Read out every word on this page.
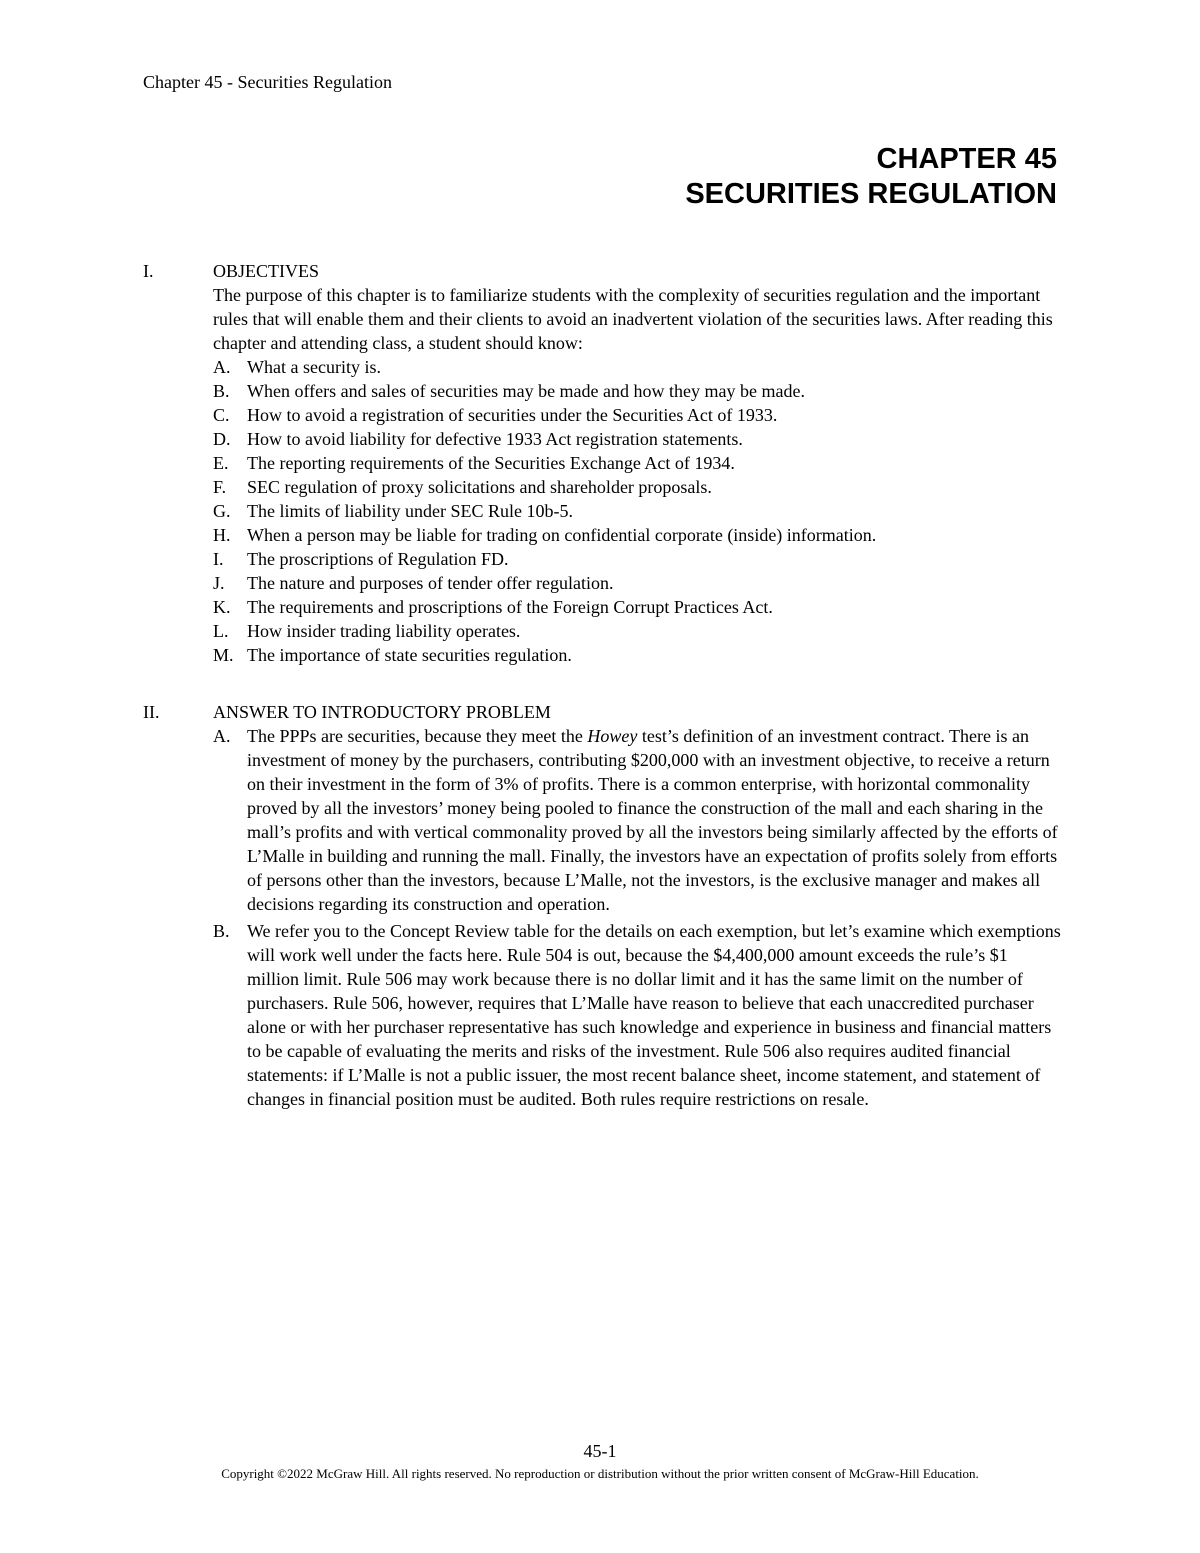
Chapter 45 - Securities Regulation
CHAPTER 45
SECURITIES REGULATION
I.	OBJECTIVES

The purpose of this chapter is to familiarize students with the complexity of securities regulation and the important rules that will enable them and their clients to avoid an inadvertent violation of the securities laws. After reading this chapter and attending class, a student should know:

A. What a security is.
B. When offers and sales of securities may be made and how they may be made.
C. How to avoid a registration of securities under the Securities Act of 1933.
D. How to avoid liability for defective 1933 Act registration statements.
E. The reporting requirements of the Securities Exchange Act of 1934.
F. SEC regulation of proxy solicitations and shareholder proposals.
G. The limits of liability under SEC Rule 10b-5.
H. When a person may be liable for trading on confidential corporate (inside) information.
I. The proscriptions of Regulation FD.
J. The nature and purposes of tender offer regulation.
K. The requirements and proscriptions of the Foreign Corrupt Practices Act.
L. How insider trading liability operates.
M. The importance of state securities regulation.
II.	ANSWER TO INTRODUCTORY PROBLEM
A. The PPPs are securities, because they meet the Howey test’s definition of an investment contract. There is an investment of money by the purchasers, contributing $200,000 with an investment objective, to receive a return on their investment in the form of 3% of profits. There is a common enterprise, with horizontal commonality proved by all the investors’ money being pooled to finance the construction of the mall and each sharing in the mall’s profits and with vertical commonality proved by all the investors being similarly affected by the efforts of L’Malle in building and running the mall. Finally, the investors have an expectation of profits solely from efforts of persons other than the investors, because L’Malle, not the investors, is the exclusive manager and makes all decisions regarding its construction and operation.
B. We refer you to the Concept Review table for the details on each exemption, but let’s examine which exemptions will work well under the facts here. Rule 504 is out, because the $4,400,000 amount exceeds the rule’s $1 million limit. Rule 506 may work because there is no dollar limit and it has the same limit on the number of purchasers. Rule 506, however, requires that L’Malle have reason to believe that each unaccredited purchaser alone or with her purchaser representative has such knowledge and experience in business and financial matters to be capable of evaluating the merits and risks of the investment. Rule 506 also requires audited financial statements: if L’Malle is not a public issuer, the most recent balance sheet, income statement, and statement of changes in financial position must be audited. Both rules require restrictions on resale.
45-1
Copyright ©2022 McGraw Hill. All rights reserved. No reproduction or distribution without the prior written consent of McGraw-Hill Education.
